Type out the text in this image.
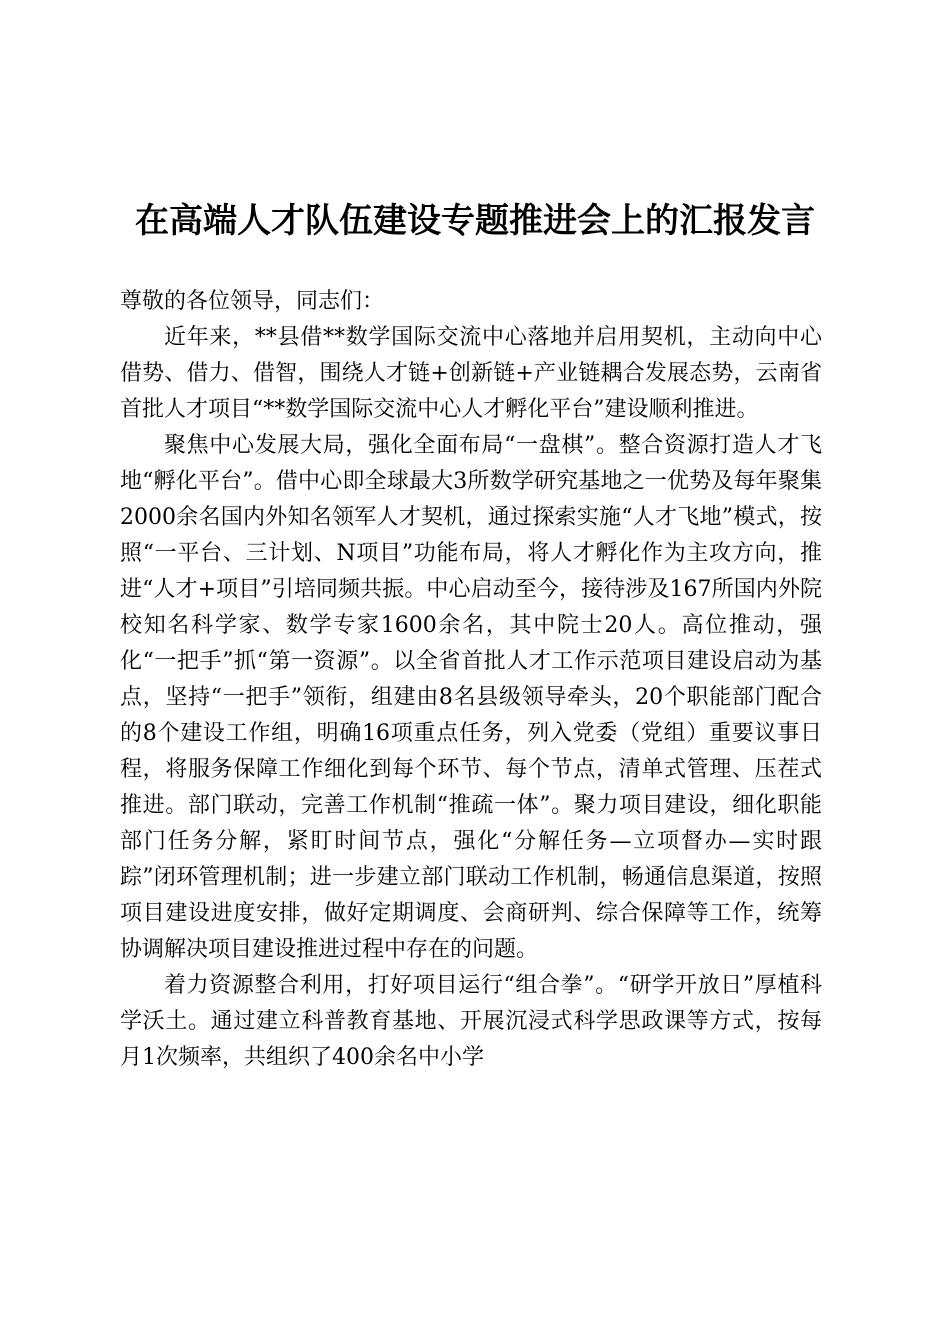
在高端人才队伍建设专题推进会上的汇报发言

尊敬的各位领导，同志们：

近年来，**县借**数学国际交流中心落地并启用契机，主动向中心借势、借力、借智，围绕人才链+创新链+产业链耦合发展态势，云南省首批人才项目“**数学国际交流中心人才孵化平台”建设顺利推进。

聚焦中心发展大局，强化全面布局“一盘棋”。整合资源打造人才飞地“孵化平台”。借中心即全球最大3所数学研究基地之一优势及每年聚集2000余名国内外知名领军人才契机，通过探索实施“人才飞地”模式，按照“一平台、三计划、N项目”功能布局，将人才孵化作为主攻方向，推进“人才+项目”引培同频共振。中心启动至今，接待涉及167所国内外院校知名科学家、数学专家1600余名，其中院士20人。高位推动，强化“一把手”抓“第一资源”。以全省首批人才工作示范项目建设启动为基点，坚持“一把手”领衔，组建由8名县级领导牵头，20个职能部门配合的8个建设工作组，明确16项重点任务，列入党委（党组）重要议事日程，将服务保障工作细化到每个环节、每个节点，清单式管理、压茬式推进。部门联动，完善工作机制“推疏一体”。聚力项目建设，细化职能部门任务分解，紧盯时间节点，强化“分解任务—立项督办—实时跟踪”闭环管理机制；进一步建立部门联动工作机制，畅通信息渠道，按照项目建设进度安排，做好定期调度、会商研判、综合保障等工作，统筹协调解决项目建设推进过程中存在的问题。

着力资源整合利用，打好项目运行“组合拳”。“研学开放日”厚植科学沃土。通过建立科普教育基地、开展沉浸式科学思政课等方式，按每月1次频率，共组织了400余名中小学
